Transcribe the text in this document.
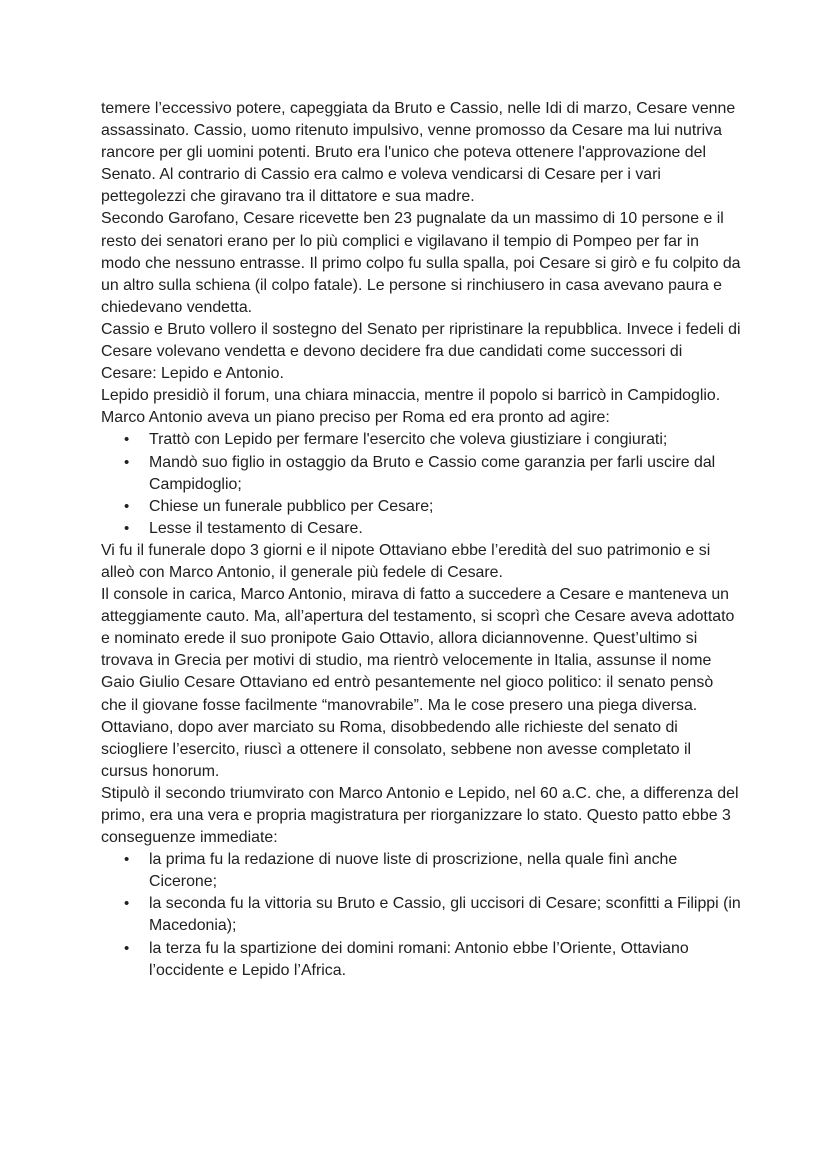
temere l’eccessivo potere, capeggiata da Bruto e Cassio, nelle Idi di marzo, Cesare venne assassinato. Cassio, uomo ritenuto impulsivo, venne promosso da Cesare ma lui nutriva rancore per gli uomini potenti. Bruto era l'unico che poteva ottenere l'approvazione del Senato. Al contrario di Cassio era calmo e voleva vendicarsi di Cesare per i vari pettegolezzi che giravano tra il dittatore e sua madre.

Secondo Garofano, Cesare ricevette ben 23 pugnalate da un massimo di 10 persone e il resto dei senatori erano per lo più complici e vigilavano il tempio di Pompeo per far in modo che nessuno entrasse. Il primo colpo fu sulla spalla, poi Cesare si girò e fu colpito da un altro sulla schiena (il colpo fatale). Le persone si rinchiusero in casa avevano paura e chiedevano vendetta.

Cassio e Bruto vollero il sostegno del Senato per ripristinare la repubblica. Invece i fedeli di Cesare volevano vendetta e devono decidere fra due candidati come successori di Cesare: Lepido e Antonio.

Lepido presidiò il forum, una chiara minaccia, mentre il popolo si barricò in Campidoglio.

Marco Antonio aveva un piano preciso per Roma ed era pronto ad agire:

• Trattò con Lepido per fermare l'esercito che voleva giustiziare i congiurati;
• Mandò suo figlio in ostaggio da Bruto e Cassio come garanzia per farli uscire dal Campidoglio;
• Chiese un funerale pubblico per Cesare;
• Lesse il testamento di Cesare.

Vi fu il funerale dopo 3 giorni e il nipote Ottaviano ebbe l’eredità del suo patrimonio e si alleò con Marco Antonio, il generale più fedele di Cesare.

Il console in carica, Marco Antonio, mirava di fatto a succedere a Cesare e manteneva un atteggiamente cauto. Ma, all’apertura del testamento, si scoprì che Cesare aveva adottato e nominato erede il suo pronipote Gaio Ottavio, allora diciannovenne. Quest’ultimo si trovava in Grecia per motivi di studio, ma rientrò velocemente in Italia, assunse il nome Gaio Giulio Cesare Ottaviano ed entrò pesantemente nel gioco politico: il senato pensò che il giovane fosse facilmente “manovrabile”. Ma le cose presero una piega diversa.

Ottaviano, dopo aver marciato su Roma, disobbedendo alle richieste del senato di sciogliere l’esercito, riuscì a ottenere il consolato, sebbene non avesse completato il cursus honorum.

Stipulò il secondo triumvirato con Marco Antonio e Lepido, nel 60 a.C. che, a differenza del primo, era una vera e propria magistratura per riorganizzare lo stato. Questo patto ebbe 3 conseguenze immediate:

• la prima fu la redazione di nuove liste di proscrizione, nella quale finì anche Cicerone;
• la seconda fu la vittoria su Bruto e Cassio, gli uccisori di Cesare; sconfitti a Filippi (in Macedonia);
• la terza fu la spartizione dei domini romani: Antonio ebbe l’Oriente, Ottaviano l’occidente e Lepido l’Africa.
